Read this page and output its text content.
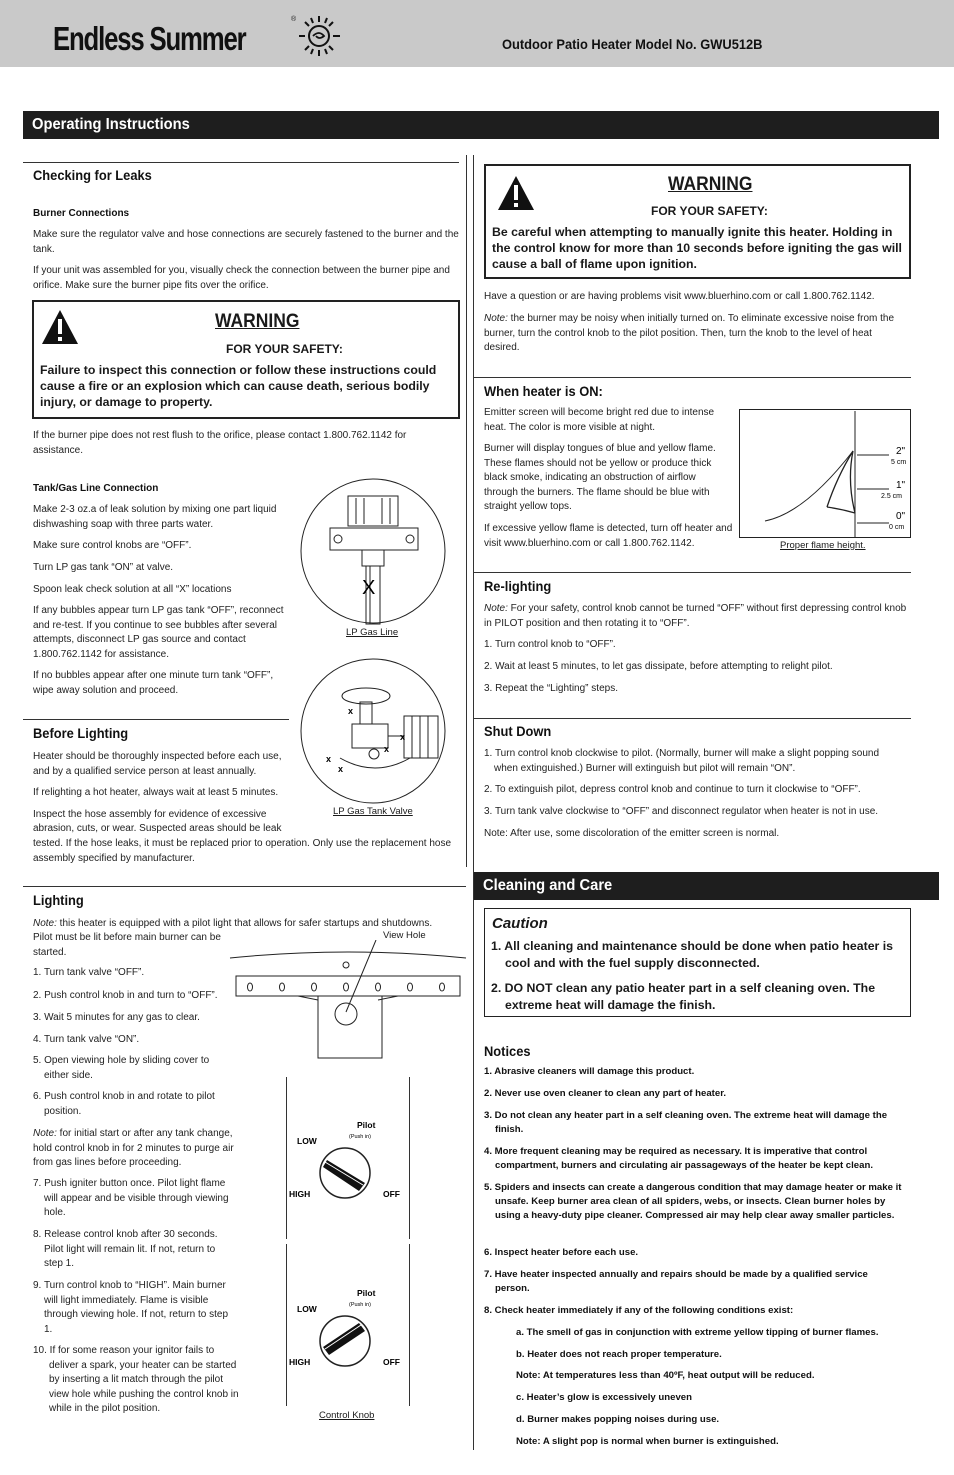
Endless Summer
®
Outdoor Patio Heater Model No. GWU512B
Operating Instructions
Checking for Leaks
Burner Connections
Make sure the regulator valve and hose connections are securely fastened to the burner and the tank.
If your unit was assembled for you, visually check the connection between the burner pipe and orifice. Make sure the burner pipe fits over the orifice.
WARNING
FOR YOUR SAFETY:
Failure to inspect this connection or follow these instructions could cause a fire or an explosion which can cause death, serious bodily injury, or damage to property.
If the burner pipe does not rest flush to the orifice, please contact 1.800.762.1142 for assistance.
Tank/Gas Line Connection
Make 2-3 oz.a of leak solution by mixing one part liquid dishwashing soap with three parts water.
Make sure control knobs are “OFF”.
Turn LP gas tank “ON” at valve.
Spoon leak check solution at all “X” locations
If any bubbles appear turn LP gas tank “OFF”, reconnect and re-test. If you continue to see bubbles after several attempts, disconnect LP gas source and contact 1.800.762.1142 for assistance.
If no bubbles appear after one minute turn tank “OFF”, wipe away solution and proceed.
X
LP Gas Line
x
x
x
x
x
LP Gas Tank Valve
Before Lighting
Heater should be thoroughly inspected before each use, and by a qualified service person at least annually.
If relighting a hot heater, always wait at least 5 minutes.
Inspect the hose assembly for evidence of excessive
abrasion, cuts, or wear. Suspected areas should be leak
tested. If the hose leaks, it must be replaced prior to operation. Only use the replacement hose assembly specified by manufacturer.
Lighting
Note: this heater is equipped with a pilot light that allows for safer startups and shutdowns.
Pilot must be lit before main burner can be started.
1. Turn tank valve “OFF”.
2. Push control knob in and turn to “OFF”.
3. Wait 5 minutes for any gas to clear.
4. Turn tank valve “ON”.
5. Open viewing hole by sliding cover to either side.
6. Push control knob in and rotate to pilot position.
Note: for initial start or after any tank change, hold control knob in for 2 minutes to purge air from gas lines before proceeding.
7. Push igniter button once. Pilot light flame will appear and be visible through viewing hole.
8. Release control knob after 30 seconds. Pilot light will remain lit. If not, return to step 1.
9. Turn control knob to “HIGH”. Main burner will light immediately. Flame is visible through viewing hole. If not, return to step 1.
10. If for some reason your ignitor fails to deliver a spark, your heater can be started by inserting a lit match through the pilot view hole while pushing the control knob in while in the pilot position.
View Hole
Pilot
(Push in)
LOW
HIGH	OFF
Pilot
(Push in)
LOW
HIGH	OFF
Control Knob
WARNING
FOR YOUR SAFETY:
Be careful when attempting to manually ignite this heater. Holding in the control know for more than 10 seconds before igniting the gas will cause a ball of flame upon ignition.
Have a question or are having problems visit www.bluerhino.com or call 1.800.762.1142.
Note: the burner may be noisy when initially turned on. To eliminate excessive noise from the burner, turn the control knob to the pilot position. Then, turn the knob to the level of heat desired.
When heater is ON:
Emitter screen will become bright red due to intense heat. The color is more visible at night.
Burner will display tongues of blue and yellow flame. These flames should not be yellow or produce thick black smoke, indicating an obstruction of airflow through the burners. The flame should be blue with straight yellow tops.
If excessive yellow flame is detected, turn off heater and visit www.bluerhino.com or call 1.800.762.1142.
2"
5 cm
1"
2.5 cm
0"
0 cm
Proper flame height.
Re-lighting
Note: For your safety, control knob cannot be turned “OFF” without first depressing control knob in PILOT position and then rotating it to “OFF”.
1. Turn control knob to “OFF”.
2. Wait at least 5 minutes, to let gas dissipate, before attempting to relight pilot.
3. Repeat the “Lighting” steps.
Shut Down
1. Turn control knob clockwise to pilot. (Normally, burner will make a slight popping sound when extinguished.) Burner will extinguish but pilot will remain “ON”.
2. To extinguish pilot, depress control knob and continue to turn it clockwise to “OFF”.
3. Turn tank valve clockwise to “OFF” and disconnect regulator when heater is not in use.
Note: After use, some discoloration of the emitter screen is normal.
Cleaning and Care
Caution
1. All cleaning and maintenance should be done when patio heater is cool and with the fuel supply disconnected.
2. DO NOT clean any patio heater part in a self cleaning oven. The extreme heat will damage the finish.
Notices
1. Abrasive cleaners will damage this product.
2. Never use oven cleaner to clean any part of heater.
3. Do not clean any heater part in a self cleaning oven. The extreme heat will damage the finish.
4. More frequent cleaning may be required as necessary. It is imperative that control compartment, burners and circulating air passageways of the heater be kept clean.
5. Spiders and insects can create a dangerous condition that may damage heater or make it unsafe. Keep burner area clean of all spiders, webs, or insects. Clean burner holes by using a heavy-duty pipe cleaner. Compressed air may help clear away smaller particles.
6. Inspect heater before each use.
7. Have heater inspected annually and repairs should be made by a qualified service person.
8. Check heater immediately if any of the following conditions exist:
a. The smell of gas in conjunction with extreme yellow tipping of burner flames.
b. Heater does not reach proper temperature.
Note: At temperatures less than 40ºF, heat output will be reduced.
c. Heater’s glow is excessively uneven
d. Burner makes popping noises during use.
Note: A slight pop is normal when burner is extinguished.
